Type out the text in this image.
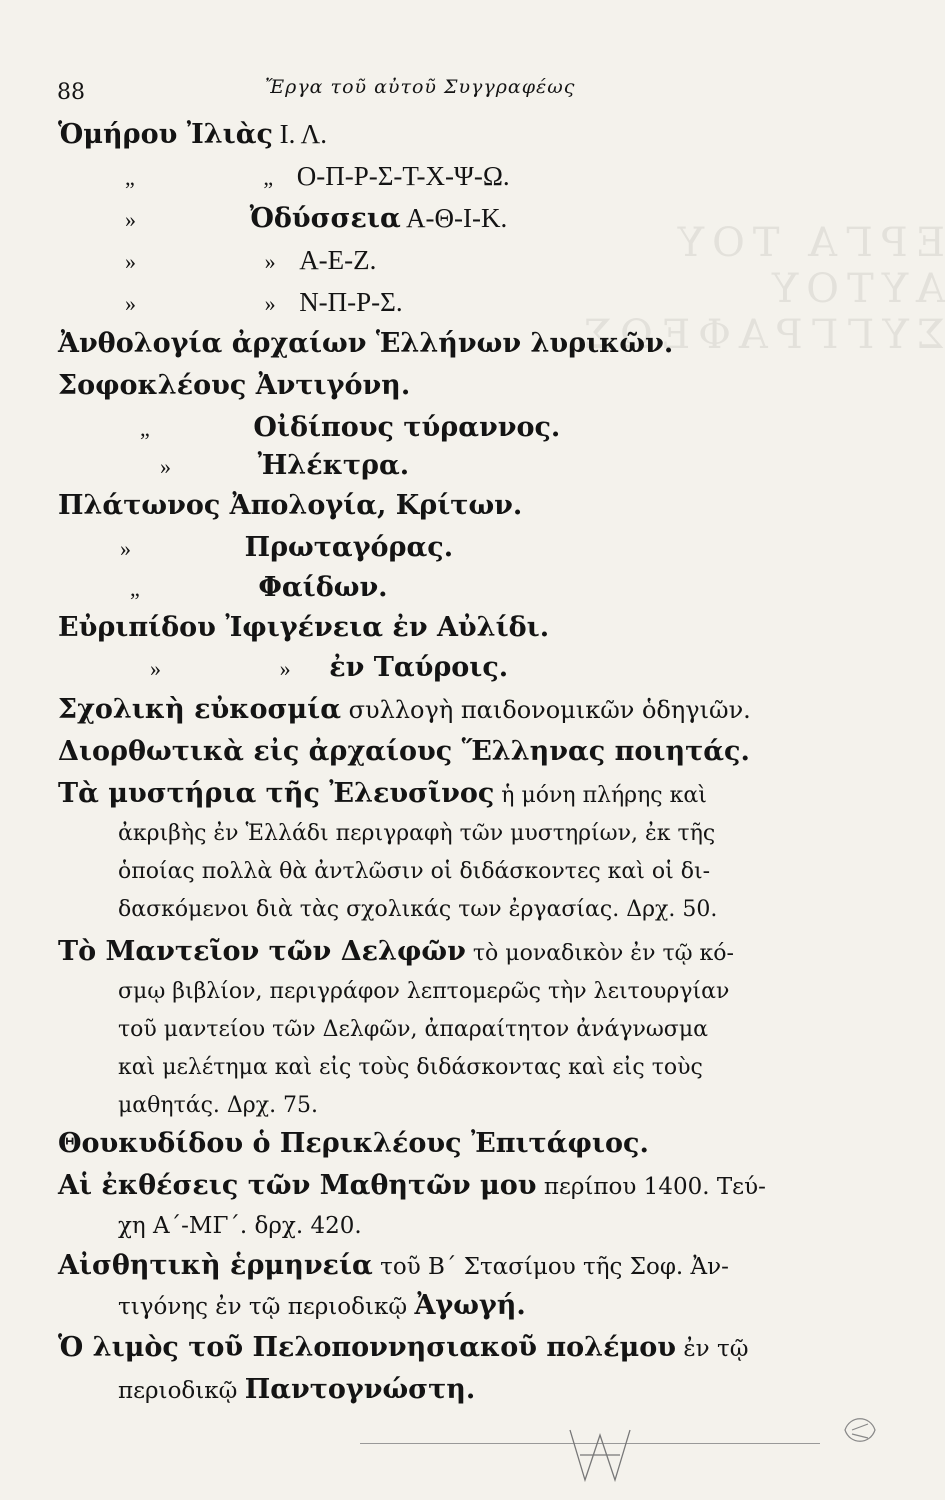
88	Ἔργα τοῦ αὐτοῦ Συγγραφέως
ΕΡΓΑ ΤΟΥ ΑΥΤΟΥ ΣΥΓΓΡΑΦΕΩΣ
Ὁμήρου Ἰλιὰς Ι. Λ.
„	„ Ο-Π-Ρ-Σ-Τ-Χ-Ψ-Ω.
»	Ὀδύσσεια Α-Θ-Ι-Κ.
»	» Α-Ε-Ζ.
»	» Ν-Π-Ρ-Σ.
Ἀνθολογία ἀρχαίων Ἑλλήνων λυρικῶν.
Σοφοκλέους Ἀντιγόνη.
„	Οἰδίπους τύραννος.
»	Ἠλέκτρα.
Πλάτωνος Ἀπολογία, Κρίτων.
»	Πρωταγόρας.
„	Φαίδων.
Εὐριπίδου Ἰφιγένεια ἐν Αὐλίδι.
»	» ἐν Ταύροις.
Σχολικὴ εὐκοσμία συλλογὴ παιδονομικῶν ὁδηγιῶν.
Διορθωτικὰ εἰς ἀρχαίους Ἕλληνας ποιητάς.
Τὰ μυστήρια τῆς Ἐλευσῖνος ἡ μόνη πλήρης καὶ
ἀκριβὴς ἐν Ἑλλάδι περιγραφὴ τῶν μυστηρίων, ἐκ τῆς
ὁποίας πολλὰ θὰ ἀντλῶσιν οἱ διδάσκοντες καὶ οἱ δι-
δασκόμενοι διὰ τὰς σχολικάς των ἐργασίας. Δρχ. 50.
Τὸ Μαντεῖον τῶν Δελφῶν τὸ μοναδικὸν ἐν τῷ κό-
σμῳ βιβλίον, περιγράφον λεπτομερῶς τὴν λειτουργίαν
τοῦ μαντείου τῶν Δελφῶν, ἀπαραίτητον ἀνάγνωσμα
καὶ μελέτημα καὶ εἰς τοὺς διδάσκοντας καὶ εἰς τοὺς
μαθητάς. Δρχ. 75.
Θουκυδίδου ὁ Περικλέους Ἐπιτάφιος.
Αἱ ἐκθέσεις τῶν Μαθητῶν μου περίπου 1400. Τεύ-
χη Α΄-ΜΓ΄. δρχ. 420.
Αἰσθητικὴ ἑρμηνεία τοῦ Β΄ Στασίμου τῆς Σοφ. Ἀν-
τιγόνης ἐν τῷ περιοδικῷ Ἀγωγή.
Ὁ λιμὸς τοῦ Πελοποννησιακοῦ πολέμου ἐν τῷ
περιοδικῷ Παντογνώστη.
